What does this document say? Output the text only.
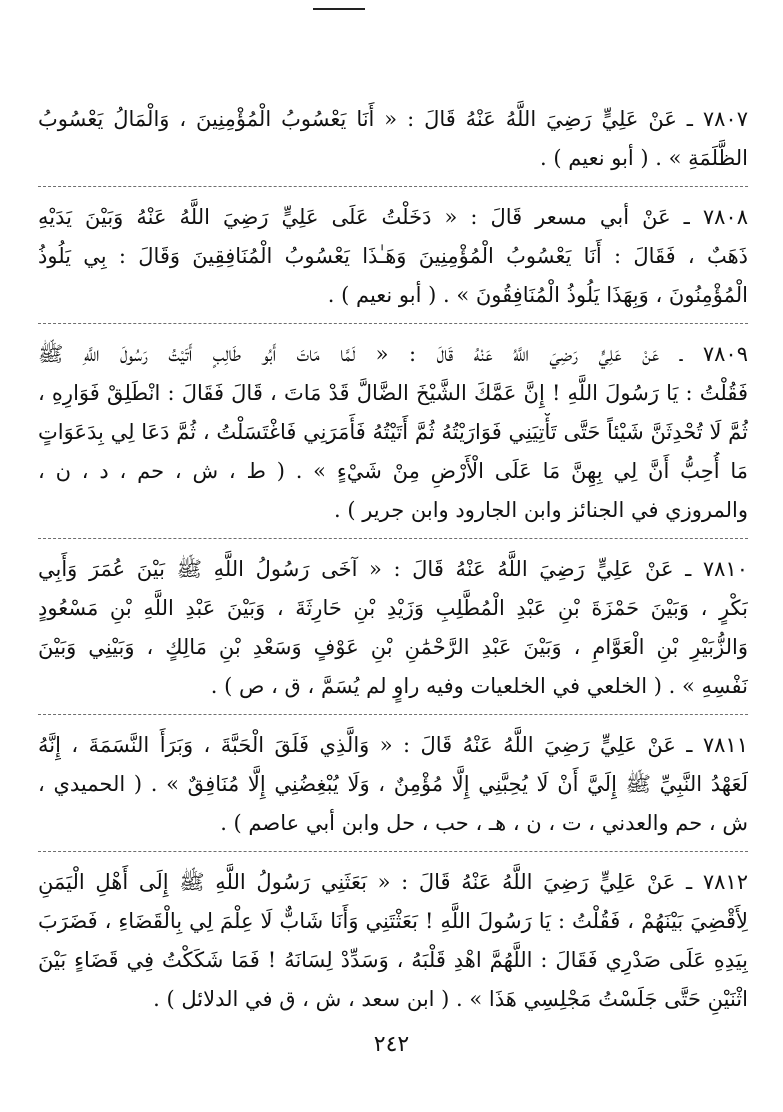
٧٨٠٧ ـ عَنْ عَلِيٍّ رَضِيَ اللَّهُ عَنْهُ قَالَ : « أَنَا يَعْسُوبُ الْمُؤْمِنِينَ ، وَالْمَالُ يَعْسُوبُ
الظَّلَمَةِ » . ( أبو نعيم ) .
٧٨٠٨ ـ عَنْ أبي مسعر قَالَ : « دَخَلْتُ عَلَى عَلِيٍّ رَضِيَ اللَّهُ عَنْهُ وَبَيْنَ يَدَيْهِ
ذَهَبٌ ، فَقَالَ : أَنَا يَعْسُوبُ الْمُؤْمِنِينَ وَهَـٰذَا يَعْسُوبُ الْمُنَافِقِينَ وَقَالَ : بِي يَلُوذُ
الْمُؤْمِنُونَ ، وَبِهَذَا يَلُوذُ الْمُنَافِقُونَ » . ( أبو نعيم ) .
٧٨٠٩ ـ عَنْ عَلِيٍّ رَضِيَ اللَّهُ عَنْهُ قَالَ : « لَمَّا مَاتَ أَبُو طَالِبٍ أَتَيْتُ رَسُولَ اللَّهِ ﷺ
فَقُلْتُ : يَا رَسُولَ اللَّهِ ! إِنَّ عَمَّكَ الشَّيْخَ الضَّالَّ قَدْ مَاتَ ، قَالَ فَقَالَ : انْطَلِقْ فَوَارِهِ ،
ثُمَّ لَا تُحْدِثَنَّ شَيْئاً حَتَّى تَأْتِيَنِي فَوَارَيْتُهُ ثُمَّ أَتَيْتُهُ فَأَمَرَنِي فَاغْتَسَلْتُ ، ثُمَّ دَعَا لِي بِدَعَوَاتٍ
مَا أُحِبُّ أَنَّ لِي بِهِنَّ مَا عَلَى الْأَرْضِ مِنْ شَيْءٍ » . ( ط ، ش ، حم ، د ، ن ،
والمروزي في الجنائز وابن الجارود وابن جرير ) .
٧٨١٠ ـ عَنْ عَلِيٍّ رَضِيَ اللَّهُ عَنْهُ قَالَ : « آخَى رَسُولُ اللَّهِ ﷺ بَيْنَ عُمَرَ وَأَبِي
بَكْرٍ ، وَبَيْنَ حَمْزَةَ بْنِ عَبْدِ الْمُطَّلِبِ وَزَيْدِ بْنِ حَارِثَةَ ، وَبَيْنَ عَبْدِ اللَّهِ بْنِ مَسْعُودٍ
وَالزُّبَيْرِ بْنِ الْعَوَّامِ ، وَبَيْنَ عَبْدِ الرَّحْمَٰنِ بْنِ عَوْفٍ وَسَعْدِ بْنِ مَالِكٍ ، وَبَيْنِي وَبَيْنَ
نَفْسِهِ » . ( الخلعي في الخلعيات وفيه راوٍ لم يُسَمَّ ، ق ، ص ) .
٧٨١١ ـ عَنْ عَلِيٍّ رَضِيَ اللَّهُ عَنْهُ قَالَ : « وَالَّذِي فَلَقَ الْحَبَّةَ ، وَبَرَأَ النَّسَمَةَ ، إِنَّهُ
لَعَهْدُ النَّبِيِّ ﷺ إِلَيَّ أَنْ لَا يُحِبَّنِي إِلَّا مُؤْمِنٌ ، وَلَا يُبْغِضُنِي إِلَّا مُنَافِقٌ » . ( الحميدي ،
ش ، حم والعدني ، ت ، ن ، هـ ، حب ، حل وابن أبي عاصم ) .
٧٨١٢ ـ عَنْ عَلِيٍّ رَضِيَ اللَّهُ عَنْهُ قَالَ : « بَعَثَنِي رَسُولُ اللَّهِ ﷺ إِلَى أَهْلِ الْيَمَنِ
لِأَقْضِيَ بَيْنَهُمْ ، فَقُلْتُ : يَا رَسُولَ اللَّهِ ! بَعَثْتَنِي وَأَنَا شَابٌّ لَا عِلْمَ لِي بِالْقَضَاءِ ، فَضَرَبَ
بِيَدِهِ عَلَى صَدْرِي فَقَالَ : اللَّهُمَّ اهْدِ قَلْبَهُ ، وَسَدِّدْ لِسَانَهُ ! فَمَا شَكَكْتُ فِي قَضَاءٍ بَيْنَ
اثْنَيْنِ حَتَّى جَلَسْتُ مَجْلِسِي هَذَا » . ( ابن سعد ، ش ، ق في الدلائل ) .
٢٤٢
